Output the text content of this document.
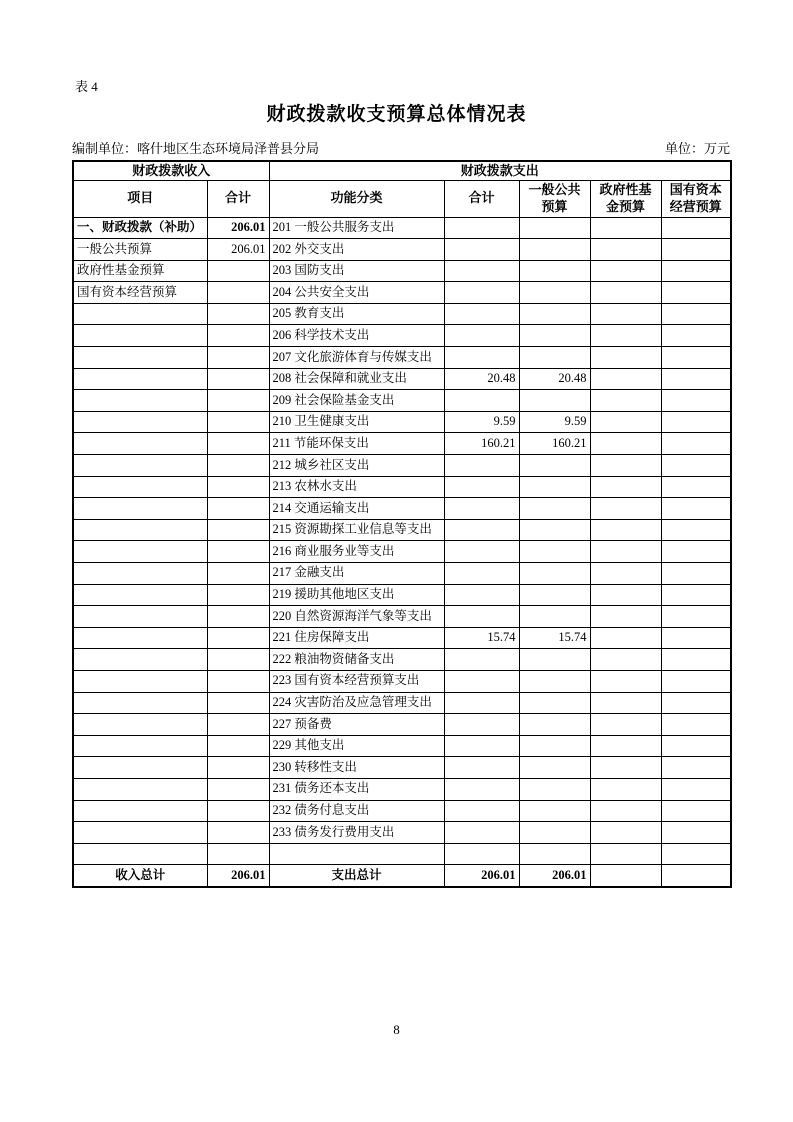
表 4
财政拨款收支预算总体情况表
编制单位：喀什地区生态环境局泽普县分局	单位：万元
财政拨款收入		财政拨款支出				
项目	合计	功能分类	合计	一般公共预算	政府性基金预算	国有资本经营预算
一、财政拨款（补助）	206.01	201 一般公共服务支出				
一般公共预算	206.01	202 外交支出				
政府性基金预算		203 国防支出				
国有资本经营预算		204 公共安全支出				
		205 教育支出				
		206 科学技术支出				
		207 文化旅游体育与传媒支出				
		208 社会保障和就业支出	20.48	20.48		
		209 社会保险基金支出				
		210 卫生健康支出	9.59	9.59		
		211 节能环保支出	160.21	160.21		
		212 城乡社区支出				
		213 农林水支出				
		214 交通运输支出				
		215 资源勘探工业信息等支出				
		216 商业服务业等支出				
		217 金融支出				
		219 援助其他地区支出				
		220 自然资源海洋气象等支出				
		221 住房保障支出	15.74	15.74		
		222 粮油物资储备支出				
		223 国有资本经营预算支出				
		224 灾害防治及应急管理支出				
		227 预备费				
		229 其他支出				
		230 转移性支出				
		231 债务还本支出				
		232 债务付息支出				
		233 债务发行费用支出				

收入总计	206.01	支出总计	206.01	206.01		
8
